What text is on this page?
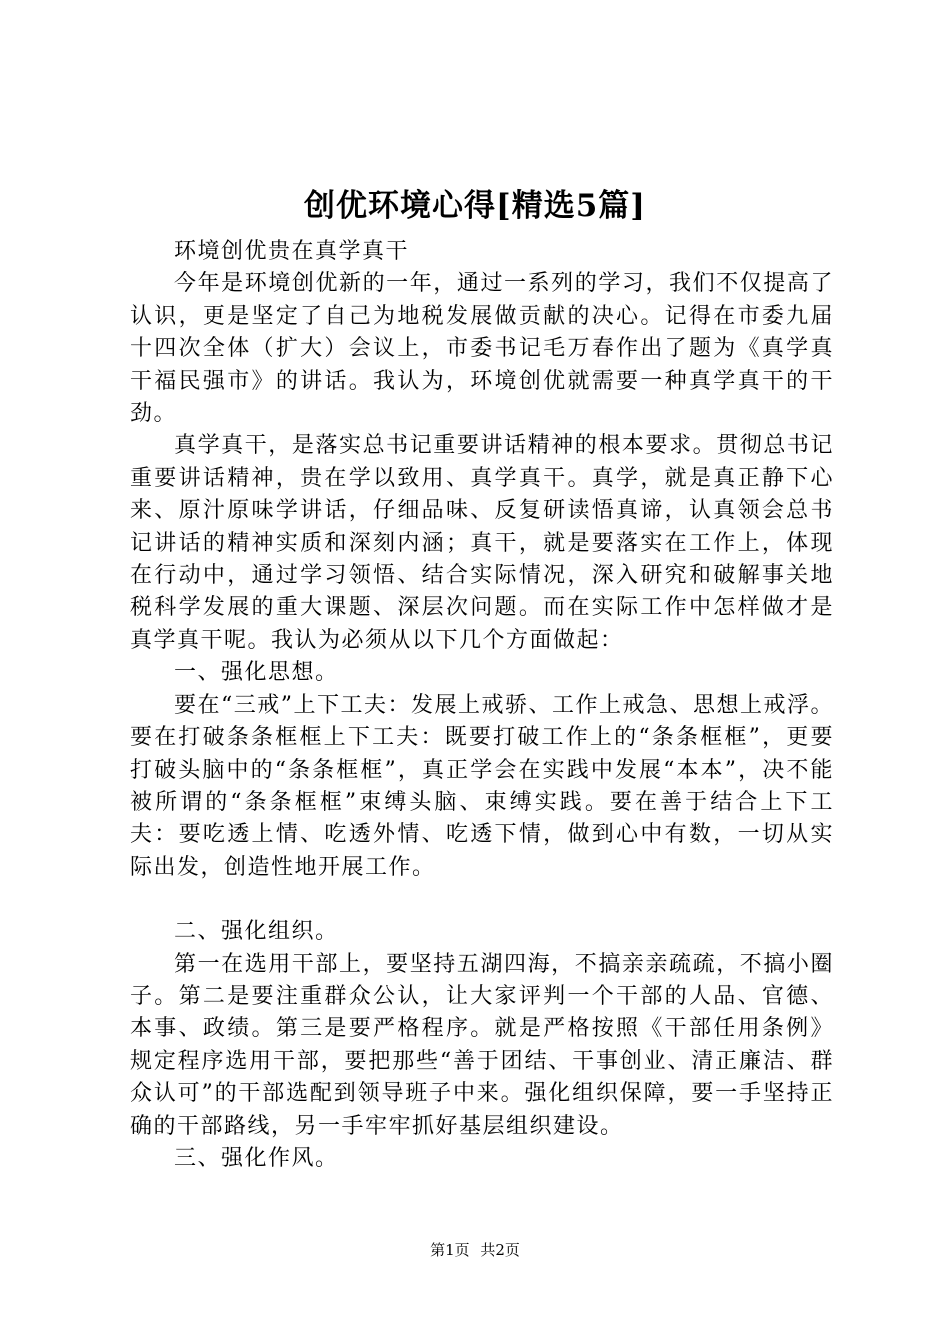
创优环境心得[精选5篇]

环境创优贵在真学真干

今年是环境创优新的一年，通过一系列的学习，我们不仅提高了认识，更是坚定了自己为地税发展做贡献的决心。记得在市委九届十四次全体（扩大）会议上，市委书记毛万春作出了题为《真学真干福民强市》的讲话。我认为，环境创优就需要一种真学真干的干劲。

真学真干，是落实总书记重要讲话精神的根本要求。贯彻总书记重要讲话精神，贵在学以致用、真学真干。真学，就是真正静下心来、原汁原味学讲话，仔细品味、反复研读悟真谛，认真领会总书记讲话的精神实质和深刻内涵；真干，就是要落实在工作上，体现在行动中，通过学习领悟、结合实际情况，深入研究和破解事关地税科学发展的重大课题、深层次问题。而在实际工作中怎样做才是真学真干呢。我认为必须从以下几个方面做起：

一、强化思想。

要在“三戒”上下工夫：发展上戒骄、工作上戒急、思想上戒浮。要在打破条条框框上下工夫：既要打破工作上的“条条框框”，更要打破头脑中的“条条框框”，真正学会在实践中发展“本本”，决不能被所谓的“条条框框”束缚头脑、束缚实践。要在善于结合上下工夫：要吃透上情、吃透外情、吃透下情，做到心中有数，一切从实际出发，创造性地开展工作。

二、强化组织。

第一在选用干部上，要坚持五湖四海，不搞亲亲疏疏，不搞小圈子。第二是要注重群众公认，让大家评判一个干部的人品、官德、本事、政绩。第三是要严格程序。就是严格按照《干部任用条例》规定程序选用干部，要把那些“善于团结、干事创业、清正廉洁、群众认可”的干部选配到领导班子中来。强化组织保障，要一手坚持正确的干部路线，另一手牢牢抓好基层组织建设。

三、强化作风。

第1页 共2页
